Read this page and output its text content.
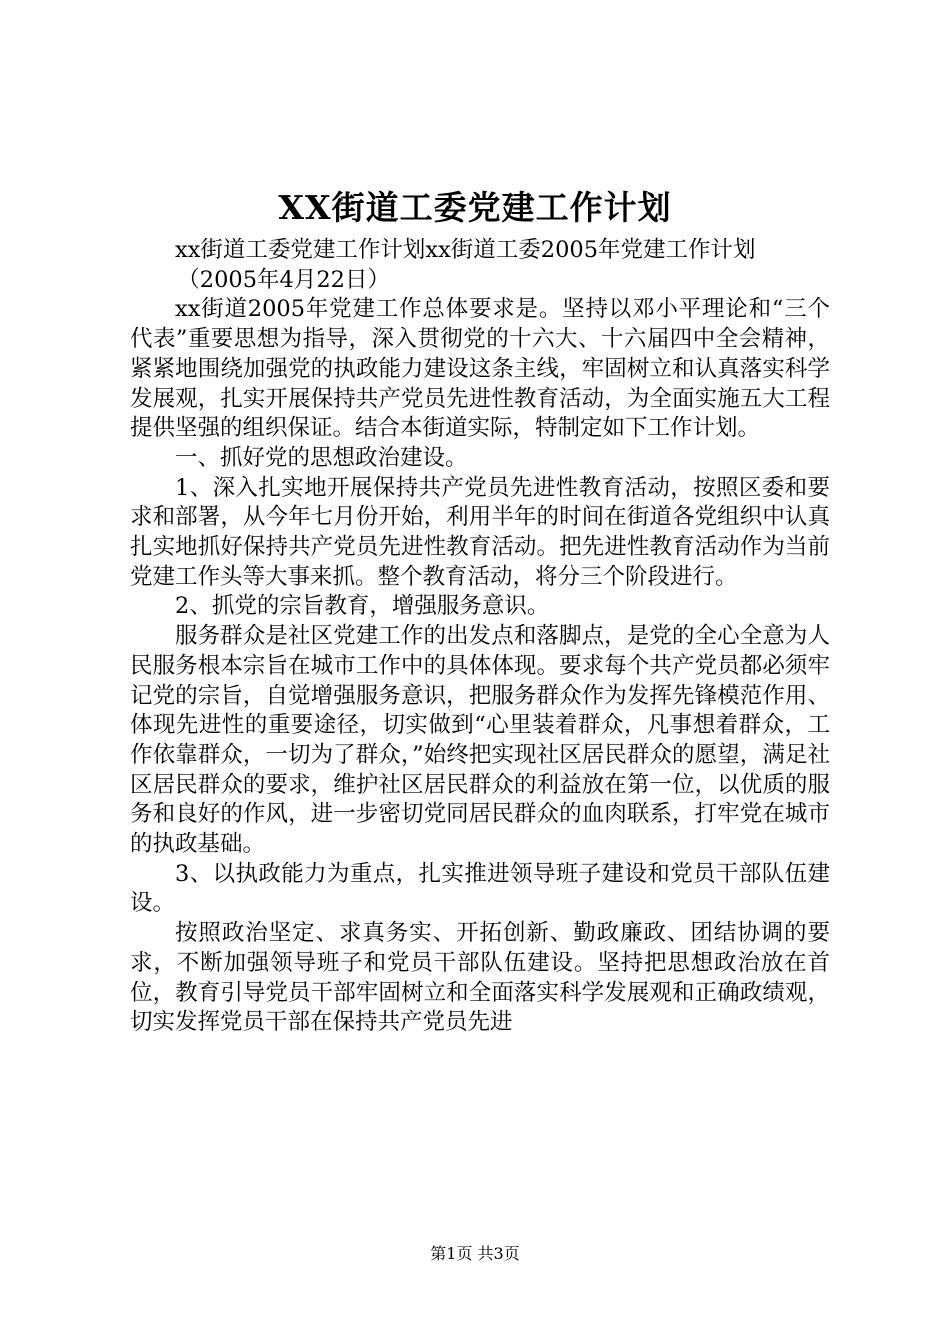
XX街道工委党建工作计划

xx街道工委党建工作计划xx街道工委2005年党建工作计划

（2005年4月22日）

xx街道2005年党建工作总体要求是。坚持以邓小平理论和“三个代表”重要思想为指导，深入贯彻党的十六大、十六届四中全会精神，紧紧地围绕加强党的执政能力建设这条主线，牢固树立和认真落实科学发展观，扎实开展保持共产党员先进性教育活动，为全面实施五大工程提供坚强的组织保证。结合本街道实际，特制定如下工作计划。

一、抓好党的思想政治建设。

1、深入扎实地开展保持共产党员先进性教育活动，按照区委和要求和部署，从今年七月份开始，利用半年的时间在街道各党组织中认真扎实地抓好保持共产党员先进性教育活动。把先进性教育活动作为当前党建工作头等大事来抓。整个教育活动，将分三个阶段进行。

2、抓党的宗旨教育，增强服务意识。

服务群众是社区党建工作的出发点和落脚点，是党的全心全意为人民服务根本宗旨在城市工作中的具体体现。要求每个共产党员都必须牢记党的宗旨，自觉增强服务意识，把服务群众作为发挥先锋模范作用、体现先进性的重要途径，切实做到“心里装着群众，凡事想着群众，工作依靠群众，一切为了群众，”始终把实现社区居民群众的愿望，满足社区居民群众的要求，维护社区居民群众的利益放在第一位，以优质的服务和良好的作风，进一步密切党同居民群众的血肉联系，打牢党在城市的执政基础。

3、以执政能力为重点，扎实推进领导班子建设和党员干部队伍建设。

按照政治坚定、求真务实、开拓创新、勤政廉政、团结协调的要求，不断加强领导班子和党员干部队伍建设。坚持把思想政治放在首位，教育引导党员干部牢固树立和全面落实科学发展观和正确政绩观，切实发挥党员干部在保持共产党员先进

第1页 共3页
